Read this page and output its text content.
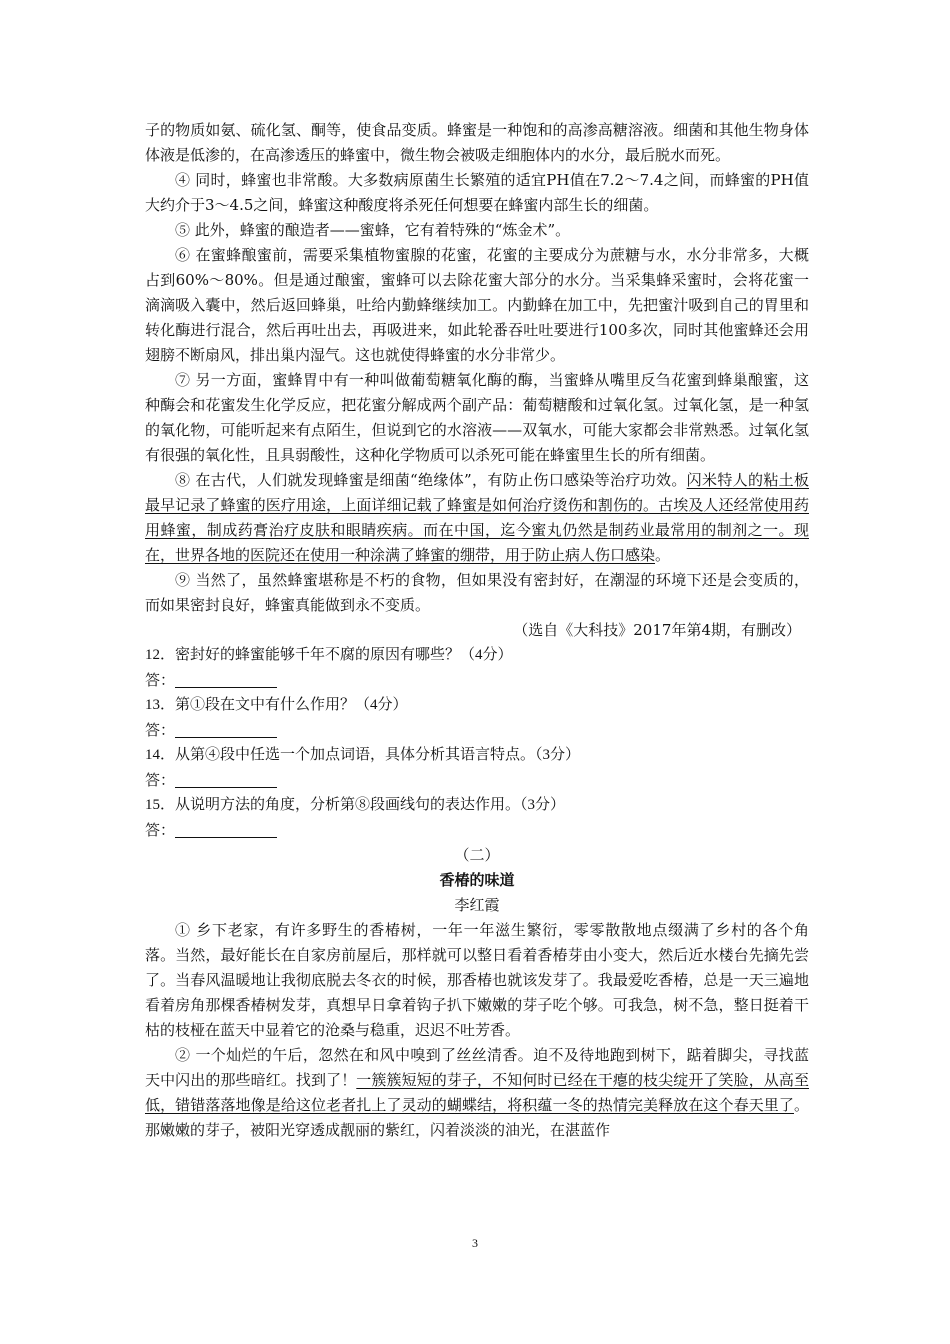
子的物质如氨、硫化氢、酮等，使食品变质。蜂蜜是一种饱和的高渗高糖溶液。细菌和其他生物身体体液是低渗的，在高渗透压的蜂蜜中，微生物会被吸走细胞体内的水分，最后脱水而死。

④ 同时，蜂蜜也非常酸。大多数病原菌生长繁殖的适宜PH值在7.2～7.4之间，而蜂蜜的PH值大约介于3～4.5之间，蜂蜜这种酸度将杀死任何想要在蜂蜜内部生长的细菌。

⑤ 此外，蜂蜜的酿造者——蜜蜂，它有着特殊的“炼金术”。

⑥ 在蜜蜂酿蜜前，需要采集植物蜜腺的花蜜，花蜜的主要成分为蔗糖与水，水分非常多，大概占到60%～80%。但是通过酿蜜，蜜蜂可以去除花蜜大部分的水分。当采集蜂采蜜时，会将花蜜一滴滴吸入囊中，然后返回蜂巢，吐给内勤蜂继续加工。内勤蜂在加工中，先把蜜汁吸到自己的胃里和转化酶进行混合，然后再吐出去，再吸进来，如此轮番吞吐吐要进行100多次，同时其他蜜蜂还会用翅膀不断扇风，排出巢内湿气。这也就使得蜂蜜的水分非常少。

⑦ 另一方面，蜜蜂胃中有一种叫做葡萄糖氧化酶的酶，当蜜蜂从嘴里反刍花蜜到蜂巢酿蜜，这种酶会和花蜜发生化学反应，把花蜜分解成两个副产品：葡萄糖酸和过氧化氢。过氧化氢，是一种氢的氧化物，可能听起来有点陌生，但说到它的水溶液——双氧水，可能大家都会非常熟悉。过氧化氢有很强的氧化性，且具弱酸性，这种化学物质可以杀死可能在蜂蜜里生长的所有细菌。

⑧ 在古代，人们就发现蜂蜜是细菌“绝缘体”，有防止伤口感染等治疗功效。闪米特人的粘土板最早记录了蜂蜜的医疗用途，上面详细记载了蜂蜜是如何治疗烫伤和割伤的。古埃及人还经常使用药用蜂蜜，制成药膏治疗皮肤和眼睛疾病。而在中国，迄今蜜丸仍然是制药业最常用的制剂之一。现在，世界各地的医院还在使用一种涂满了蜂蜜的绷带，用于防止病人伤口感染。

⑨ 当然了，虽然蜂蜜堪称是不朽的食物，但如果没有密封好，在潮湿的环境下还是会变质的，而如果密封良好，蜂蜜真能做到永不变质。

（选自《大科技》2017年第4期，有删改）

12．密封好的蜂蜜能够千年不腐的原因有哪些？（4分）

答：

13．第①段在文中有什么作用？（4分）

答：

14．从第④段中任选一个加点词语，具体分析其语言特点。（3分）

答：

15．从说明方法的角度，分析第⑧段画线句的表达作用。（3分）

答：

（二）

香椿的味道

李红霞

① 乡下老家，有许多野生的香椿树，一年一年滋生繁衍，零零散散地点缀满了乡村的各个角落。当然，最好能长在自家房前屋后，那样就可以整日看着香椿芽由小变大，然后近水楼台先摘先尝了。当春风温暖地让我彻底脱去冬衣的时候，那香椿也就该发芽了。我最爱吃香椿，总是一天三遍地看着房角那棵香椿树发芽，真想早日拿着钩子扒下嫩嫩的芽子吃个够。可我急，树不急，整日挺着干枯的枝桠在蓝天中显着它的沧桑与稳重，迟迟不吐芳香。

② 一个灿烂的午后，忽然在和风中嗅到了丝丝清香。迫不及待地跑到树下，踮着脚尖，寻找蓝天中闪出的那些暗红。找到了！一簇簇短短的芽子，不知何时已经在干瘪的枝尖绽开了笑脸，从高至低，错错落落地像是给这位老者扎上了灵动的蝴蝶结，将积蕴一冬的热情完美释放在这个春天里了。那嫩嫩的芽子，被阳光穿透成靓丽的紫红，闪着淡淡的油光，在湛蓝作

3
